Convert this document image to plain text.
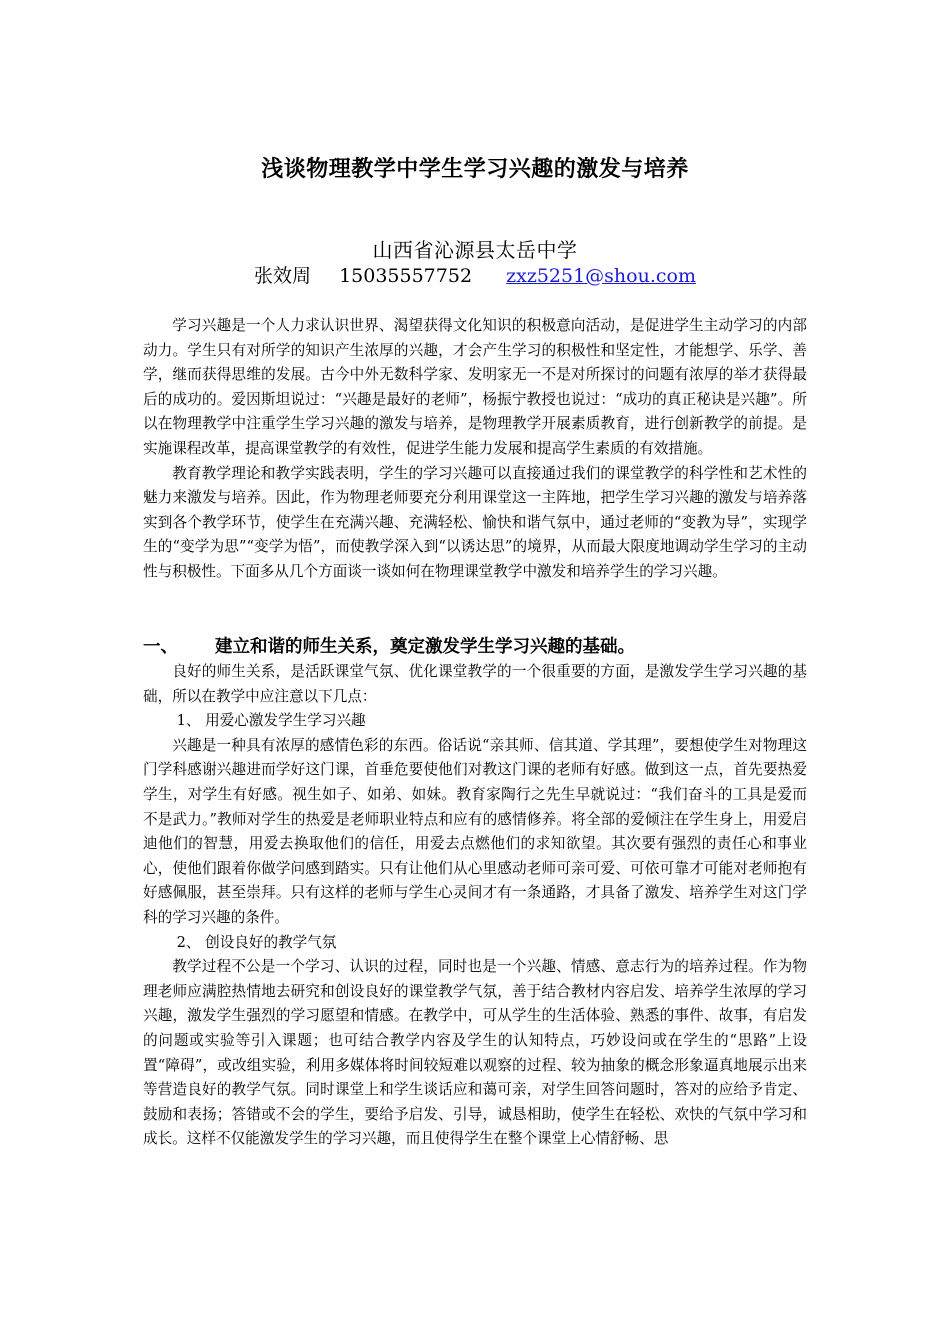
浅谈物理教学中学生学习兴趣的激发与培养
山西省沁源县太岳中学
张效周 15035557752 zxz5251@shou.com

学习兴趣是一个人力求认识世界、渴望获得文化知识的积极意向活动，是促进学生主动学习的内部动力。学生只有对所学的知识产生浓厚的兴趣，才会产生学习的积极性和坚定性，才能想学、乐学、善学，继而获得思维的发展。古今中外无数科学家、发明家无一不是对所探讨的问题有浓厚的举才获得最后的成功的。爱因斯坦说过：“兴趣是最好的老师”，杨振宁教授也说过：“成功的真正秘诀是兴趣”。所以在物理教学中注重学生学习兴趣的激发与培养，是物理教学开展素质教育，进行创新教学的前提。是实施课程改革，提高课堂教学的有效性，促进学生能力发展和提高学生素质的有效措施。

教育教学理论和教学实践表明，学生的学习兴趣可以直接通过我们的课堂教学的科学性和艺术性的魅力来激发与培养。因此，作为物理老师要充分利用课堂这一主阵地，把学生学习兴趣的激发与培养落实到各个教学环节，使学生在充满兴趣、充满轻松、愉快和谐气氛中，通过老师的“变教为导”，实现学生的“变学为思”“变学为悟”，而使教学深入到“以诱达思”的境界，从而最大限度地调动学生学习的主动性与积极性。下面多从几个方面谈一谈如何在物理课堂教学中激发和培养学生的学习兴趣。

一、 建立和谐的师生关系，奠定激发学生学习兴趣的基础。

良好的师生关系，是活跃课堂气氛、优化课堂教学的一个很重要的方面，是激发学生学习兴趣的基础，所以在教学中应注意以下几点：

1、 用爱心激发学生学习兴趣

兴趣是一种具有浓厚的感情色彩的东西。俗话说“亲其师、信其道、学其理”，要想使学生对物理这门学科感谢兴趣进而学好这门课，首垂危要使他们对教这门课的老师有好感。做到这一点，首先要热爱学生，对学生有好感。视生如子、如弟、如妹。教育家陶行之先生早就说过：“我们奋斗的工具是爱而不是武力。”教师对学生的热爱是老师职业特点和应有的感情修养。将全部的爱倾注在学生身上，用爱启迪他们的智慧，用爱去换取他们的信任，用爱去点燃他们的求知欲望。其次要有强烈的责任心和事业心，使他们跟着你做学问感到踏实。只有让他们从心里感动老师可亲可爱、可依可靠才可能对老师抱有好感佩服，甚至崇拜。只有这样的老师与学生心灵间才有一条通路，才具备了激发、培养学生对这门学科的学习兴趣的条件。

2、 创设良好的教学气氛

教学过程不公是一个学习、认识的过程，同时也是一个兴趣、情感、意志行为的培养过程。作为物理老师应满腔热情地去研究和创设良好的课堂教学气氛，善于结合教材内容启发、培养学生浓厚的学习兴趣，激发学生强烈的学习愿望和情感。在教学中，可从学生的生活体验、熟悉的事件、故事，有启发的问题或实验等引入课题；也可结合教学内容及学生的认知特点，巧妙设问或在学生的“思路”上设置“障碍”，或改组实验，利用多媒体将时间较短难以观察的过程、较为抽象的概念形象逼真地展示出来等营造良好的教学气氛。同时课堂上和学生谈话应和蔼可亲，对学生回答问题时，答对的应给予肯定、鼓励和表扬；答错或不会的学生，要给予启发、引导，诚恳相助，使学生在轻松、欢快的气氛中学习和成长。这样不仅能激发学生的学习兴趣，而且使得学生在整个课堂上心情舒畅、思
